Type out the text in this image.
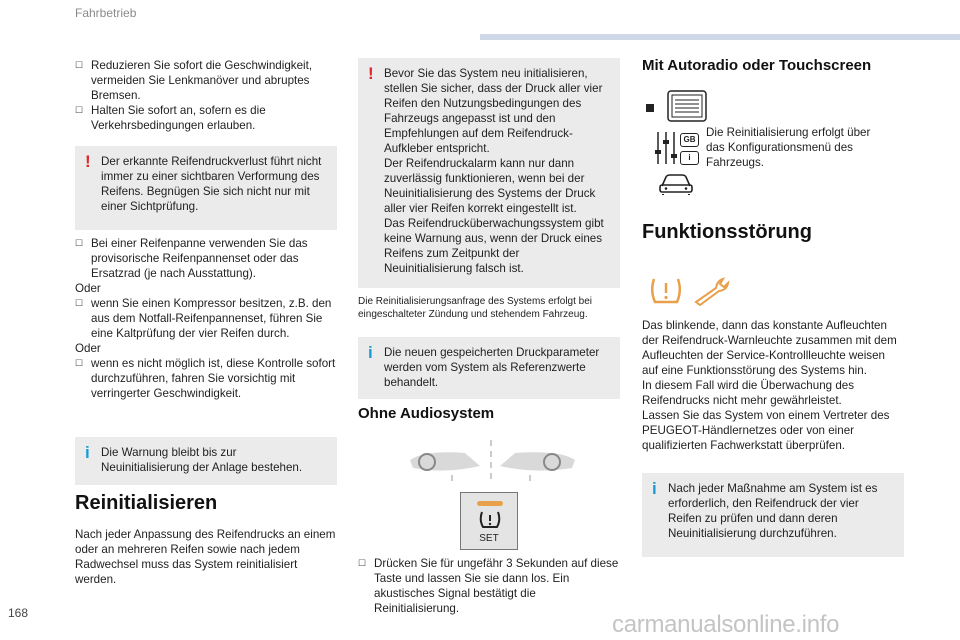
Fahrbetrieb

☐ Reduzieren Sie sofort die Geschwindigkeit, vermeiden Sie Lenkmanöver und abruptes Bremsen.

☐ Halten Sie sofort an, sofern es die Verkehrsbedingungen erlauben.

! Der erkannte Reifendruckverlust führt nicht immer zu einer sichtbaren Verformung des Reifens. Begnügen Sie sich nicht nur mit einer Sichtprüfung.

☐ Bei einer Reifenpanne verwenden Sie das provisorische Reifenpannenset oder das Ersatzrad (je nach Ausstattung).

Oder

☐ wenn Sie einen Kompressor besitzen, z.B. den aus dem Notfall-Reifenpannenset, führen Sie eine Kaltprüfung der vier Reifen durch.

Oder

☐ wenn es nicht möglich ist, diese Kontrolle sofort durchzuführen, fahren Sie vorsichtig mit verringerter Geschwindigkeit.

i Die Warnung bleibt bis zur Neuinitialisierung der Anlage bestehen.

Reinitialisieren

Nach jeder Anpassung des Reifendrucks an einem oder an mehreren Reifen sowie nach jedem Radwechsel muss das System reinitialisiert werden.

! Bevor Sie das System neu initialisieren, stellen Sie sicher, dass der Druck aller vier Reifen den Nutzungsbedingungen des Fahrzeugs angepasst ist und den Empfehlungen auf dem Reifendruck-Aufkleber entspricht.
Der Reifendruckalarm kann nur dann zuverlässig funktionieren, wenn bei der Neuinitialisierung des Systems der Druck aller vier Reifen korrekt eingestellt ist.
Das Reifendrucküberwachungssystem gibt keine Warnung aus, wenn der Druck eines Reifens zum Zeitpunkt der Neuinitialisierung falsch ist.

Die Reinitialisierungsanfrage des Systems erfolgt bei eingeschalteter Zündung und stehendem Fahrzeug.
i Die neuen gespeicherten Druckparameter werden vom System als Referenzwerte behandelt.

Ohne Audiosystem
SET

☐ Drücken Sie für ungefähr 3 Sekunden auf diese Taste und lassen Sie sie dann los. Ein akustisches Signal bestätigt die Reinitialisierung.

Mit Autoradio oder Touchscreen
GB
i

Die Reinitialisierung erfolgt über das Konfigurationsmenü des Fahrzeugs.

Funktionsstörung

Das blinkende, dann das konstante Aufleuchten der Reifendruck-Warnleuchte zusammen mit dem Aufleuchten der Service-Kontrollleuchte weisen auf eine Funktionsstörung des Systems hin.
In diesem Fall wird die Überwachung des Reifendrucks nicht mehr gewährleistet.
Lassen Sie das System von einem Vertreter des PEUGEOT-Händlernetzes oder von einer qualifizierten Fachwerkstatt überprüfen.

i Nach jeder Maßnahme am System ist es erforderlich, den Reifendruck der vier Reifen zu prüfen und dann deren Neuinitialisierung durchzuführen.

168	carmanualsonline.info
